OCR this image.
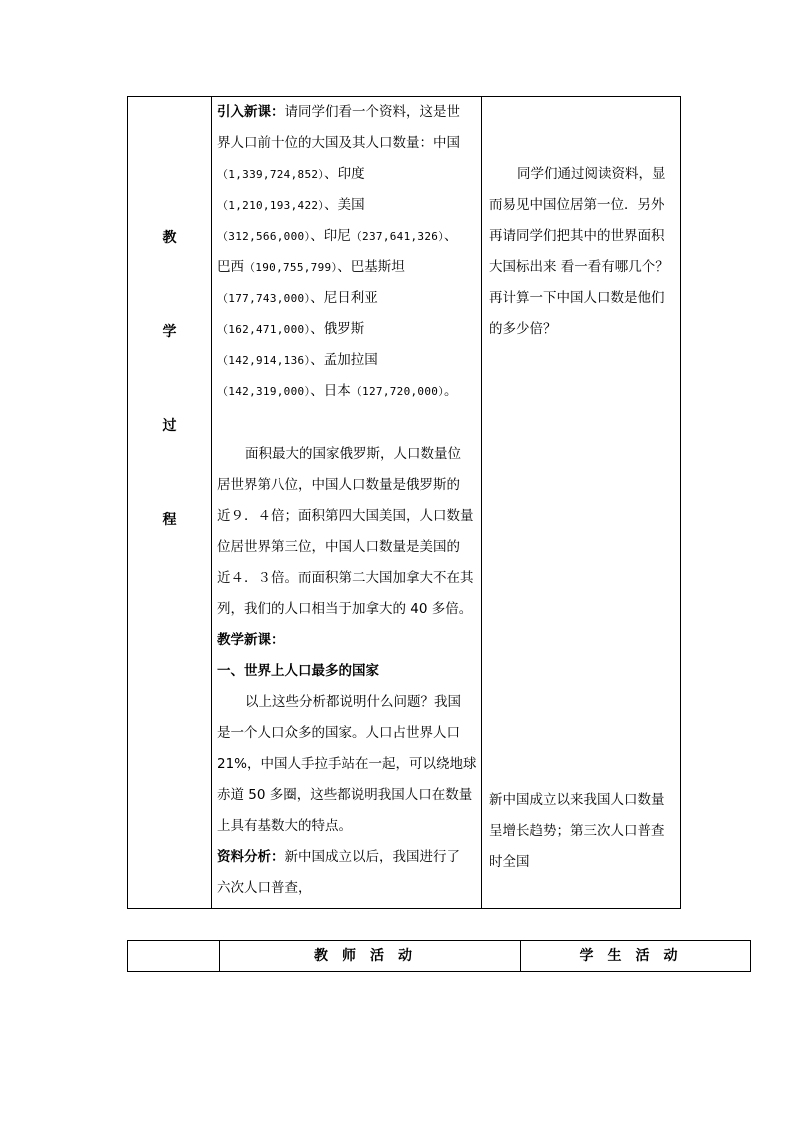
教
学
过
程
引入新课：请同学们看一个资料，这是世
界人口前十位的大国及其人口数量：中国
（1,339,724,852）、印度
（1,210,193,422）、美国
（312,566,000）、印尼（237,641,326）、
巴西（190,755,799）、巴基斯坦
（177,743,000）、尼日利亚
（162,471,000）、俄罗斯
（142,914,136）、孟加拉国
（142,319,000）、日本（127,720,000）。
面积最大的国家俄罗斯，人口数量位
居世界第八位，中国人口数量是俄罗斯的
近９．４倍；面积第四大国美国，人口数量
位居世界第三位，中国人口数量是美国的
近４．３倍。而面积第二大国加拿大不在其
列，我们的人口相当于加拿大的 40 多倍。
教学新课：
一、世界上人口最多的国家
以上这些分析都说明什么问题？我国
是一个人口众多的国家。人口占世界人口
21%，中国人手拉手站在一起，可以绕地球
赤道 50 多圈，这些都说明我国人口在数量
上具有基数大的特点。
资料分析：新中国成立以后，我国进行了
六次人口普查，
同学们通过阅读资料，显
而易见中国位居第一位．另外
再请同学们把其中的世界面积
大国标出来 看一看有哪几个？
再计算一下中国人口数是他们
的多少倍？
新中国成立以来我国人口数量
呈增长趋势；第三次人口普查
时全国
教师活动	学生活动
